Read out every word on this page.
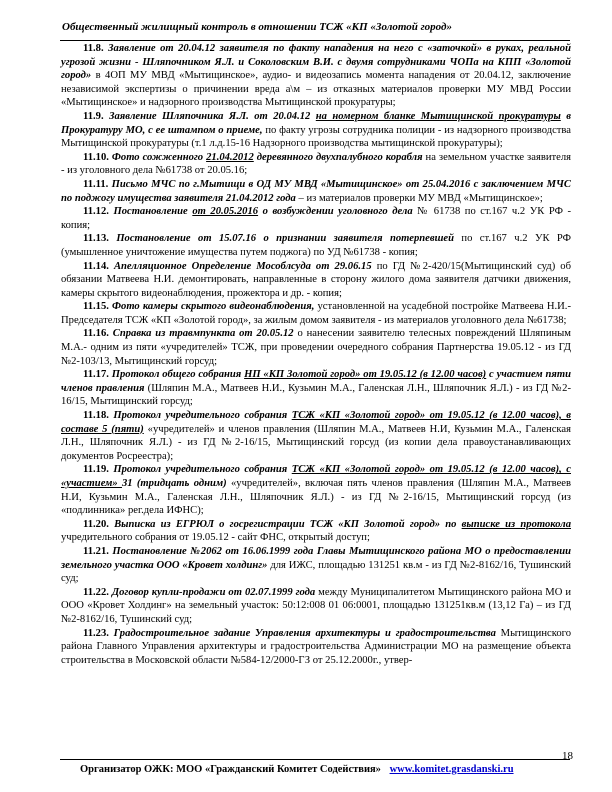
Общественный жилищный контроль в отношении ТСЖ «КП «Золотой город»

11.8. Заявление от 20.04.12 заявителя по факту нападения на него с «заточкой» в руках, реальной угрозой жизни - Шляпочником Я.Л. и Соколовским В.И. с двумя сотрудниками ЧОПа на КПП «Золотой город» в 4ОП МУ МВД «Мытищинское», аудио- и видеозапись момента нападения от 20.04.12, заключение независимой экспертизы о причинении вреда а\м – из отказных материалов проверки МУ МВД России «Мытищинское» и надзорного производства Мытищинской прокуратуры;

11.9. Заявление Шляпочника Я.Л. от 20.04.12 на номерном бланке Мытищинской прокуратуры в Прокуратуру МО, с ее штампом о приеме, по факту угрозы сотрудника полиции - из надзорного производства Мытищинской прокуратуры (т.1 л.д.15-16 Надзорного производства мытищинской прокуратуры);

11.10. Фото сожженного 21.04.2012 деревянного двухпалубного корабля на земельном участке заявителя - из уголовного дела №61738 от 20.05.16;

11.11. Письмо МЧС по г.Мытищи в ОД МУ МВД «Мытищинское» от 25.04.2016 с заключением МЧС по поджогу имущества заявителя 21.04.2012 года – из материалов проверки МУ МВД «Мытищинское»;

11.12. Постановление от 20.05.2016 о возбуждении уголовного дела № 61738 по ст.167 ч.2 УК РФ - копия;

11.13. Постановление от 15.07.16 о признании заявителя потерпевшей по ст.167 ч.2 УК РФ (умышленное уничтожение имущества путем поджога) по УД №61738 - копия;

11.14. Апелляционное Определение Мособлсуда от 29.06.15 по ГД №2-420/15(Мытищинский суд) об обязании Матвеева Н.И. демонтировать, направленные в сторону жилого дома заявителя датчики движения, камеры скрытого видеонаблюдения, прожектора и др. - копия;

11.15. Фото камеры скрытого видеонаблюдения, установленной на усадебной постройке Матвеева Н.И.- Председателя ТСЖ «КП «Золотой город», за жилым домом заявителя - из материалов уголовного дела №61738;

11.16. Справка из травмпункта от 20.05.12 о нанесении заявителю телесных повреждений Шляпиным М.А.- одним из пяти «учредителей» ТСЖ, при проведении очередного собрания Партнерства 19.05.12 - из ГД №2-103/13, Мытищинский горсуд;

11.17. Протокол общего собрания НП «КП Золотой город» от 19.05.12 (в 12.00 часов) с участием пяти членов правления (Шляпин М.А., Матвеев Н.И., Кузьмин М.А., Галенская Л.Н., Шляпочник Я.Л.) - из ГД №2-16/15, Мытищинский горсуд;

11.18. Протокол учредительного собрания ТСЖ «КП «Золотой город» от 19.05.12 (в 12.00 часов), в составе 5 (пяти) «учредителей» и членов правления (Шляпин М.А., Матвеев Н.И, Кузьмин М.А., Галенская Л.Н., Шляпочник Я.Л.) - из ГД №2-16/15, Мытищинский горсуд (из копии дела правоустанавливающих документов Росреестра);

11.19. Протокол учредительного собрания ТСЖ «КП «Золотой город» от 19.05.12 (в 12.00 часов), с «участием» 31 (тридцать одним) «учредителей», включая пять членов правления (Шляпин М.А., Матвеев Н.И, Кузьмин М.А., Галенская Л.Н., Шляпочник Я.Л.) - из ГД №2-16/15, Мытищинский горсуд (из «подлинника» рег.дела ИФНС);

11.20. Выписка из ЕГРЮЛ о госрегистрации ТСЖ «КП Золотой город» по выписке из протокола учредительного собрания от 19.05.12 - сайт ФНС, открытый доступ;

11.21. Постановление №2062 от 16.06.1999 года Главы Мытищинского района МО о предоставлении земельного участка ООО «Кровет холдинг» для ИЖС, площадью 131251 кв.м - из ГД №2-8162/16, Тушинский суд;

11.22. Договор купли-продажи от 02.07.1999 года между Муниципалитетом Мытищинского района МО и ООО «Кровет Холдинг» на земельный участок: 50:12:008 01 06:0001, площадью 131251кв.м (13,12 Га) – из ГД №2-8162/16, Тушинский суд;

11.23. Градостроительное задание Управления архитектуры и градостроительства Мытищинского района Главного Управления архитектуры и градостроительства Администрации МО на размещение объекта строительства в Московской области №584-12/2000-ГЗ от 25.12.2000г., утвер-

Организатор ОЖК: МОО «Гражданский Комитет Содействия» www.komitet.grasdanski.ru
18
